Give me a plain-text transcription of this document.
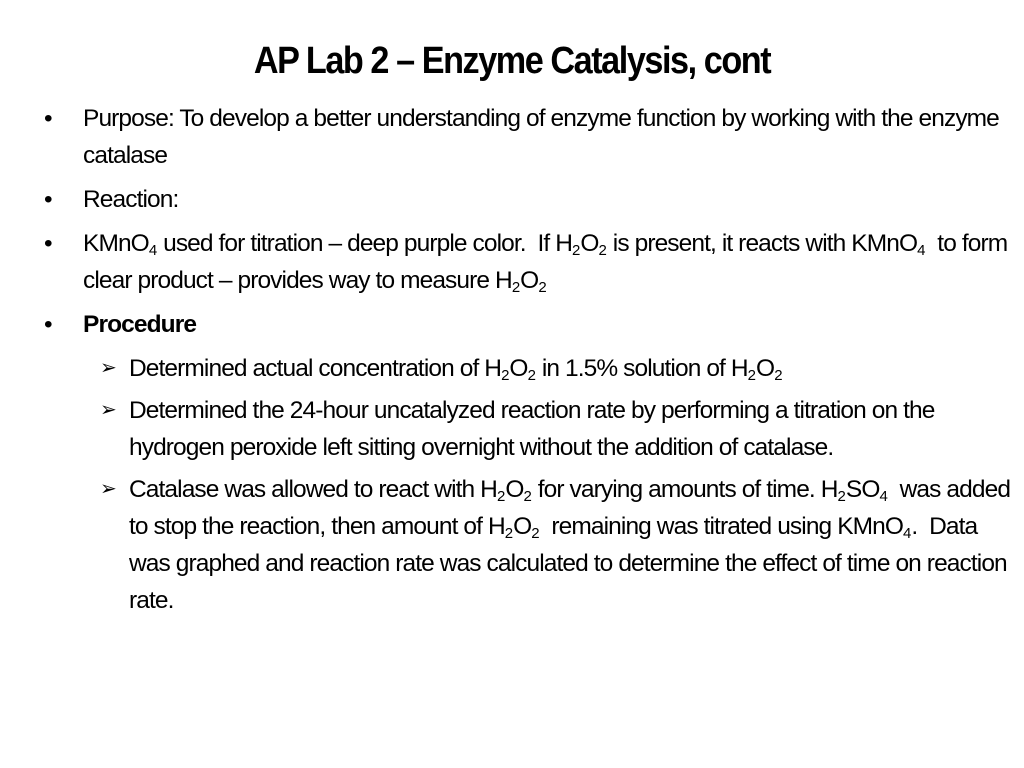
AP Lab 2 – Enzyme Catalysis, cont
• Purpose: To develop a better understanding of enzyme function by working with the enzyme catalase
• Reaction:
• KMnO$_4$ used for titration – deep purple color.  If $H_2O_2$ is present, it reacts with KMnO$_4$  to form clear product – provides way to measure $H_2O_2$
• Procedure
➢ Determined actual concentration of $H_2O_2$ in 1.5% solution of $H_2O_2$
➢ Determined the 24-hour uncatalyzed reaction rate by performing a titration on the hydrogen peroxide left sitting overnight without the addition of catalase.
➢ Catalase was allowed to react with $H_2O_2$ for varying amounts of time. $H_2SO_4$  was added to stop the reaction, then amount of $H_2O_2$  remaining was titrated using KMnO$_4$.  Data was graphed and reaction rate was calculated to determine the effect of time on reaction rate.
